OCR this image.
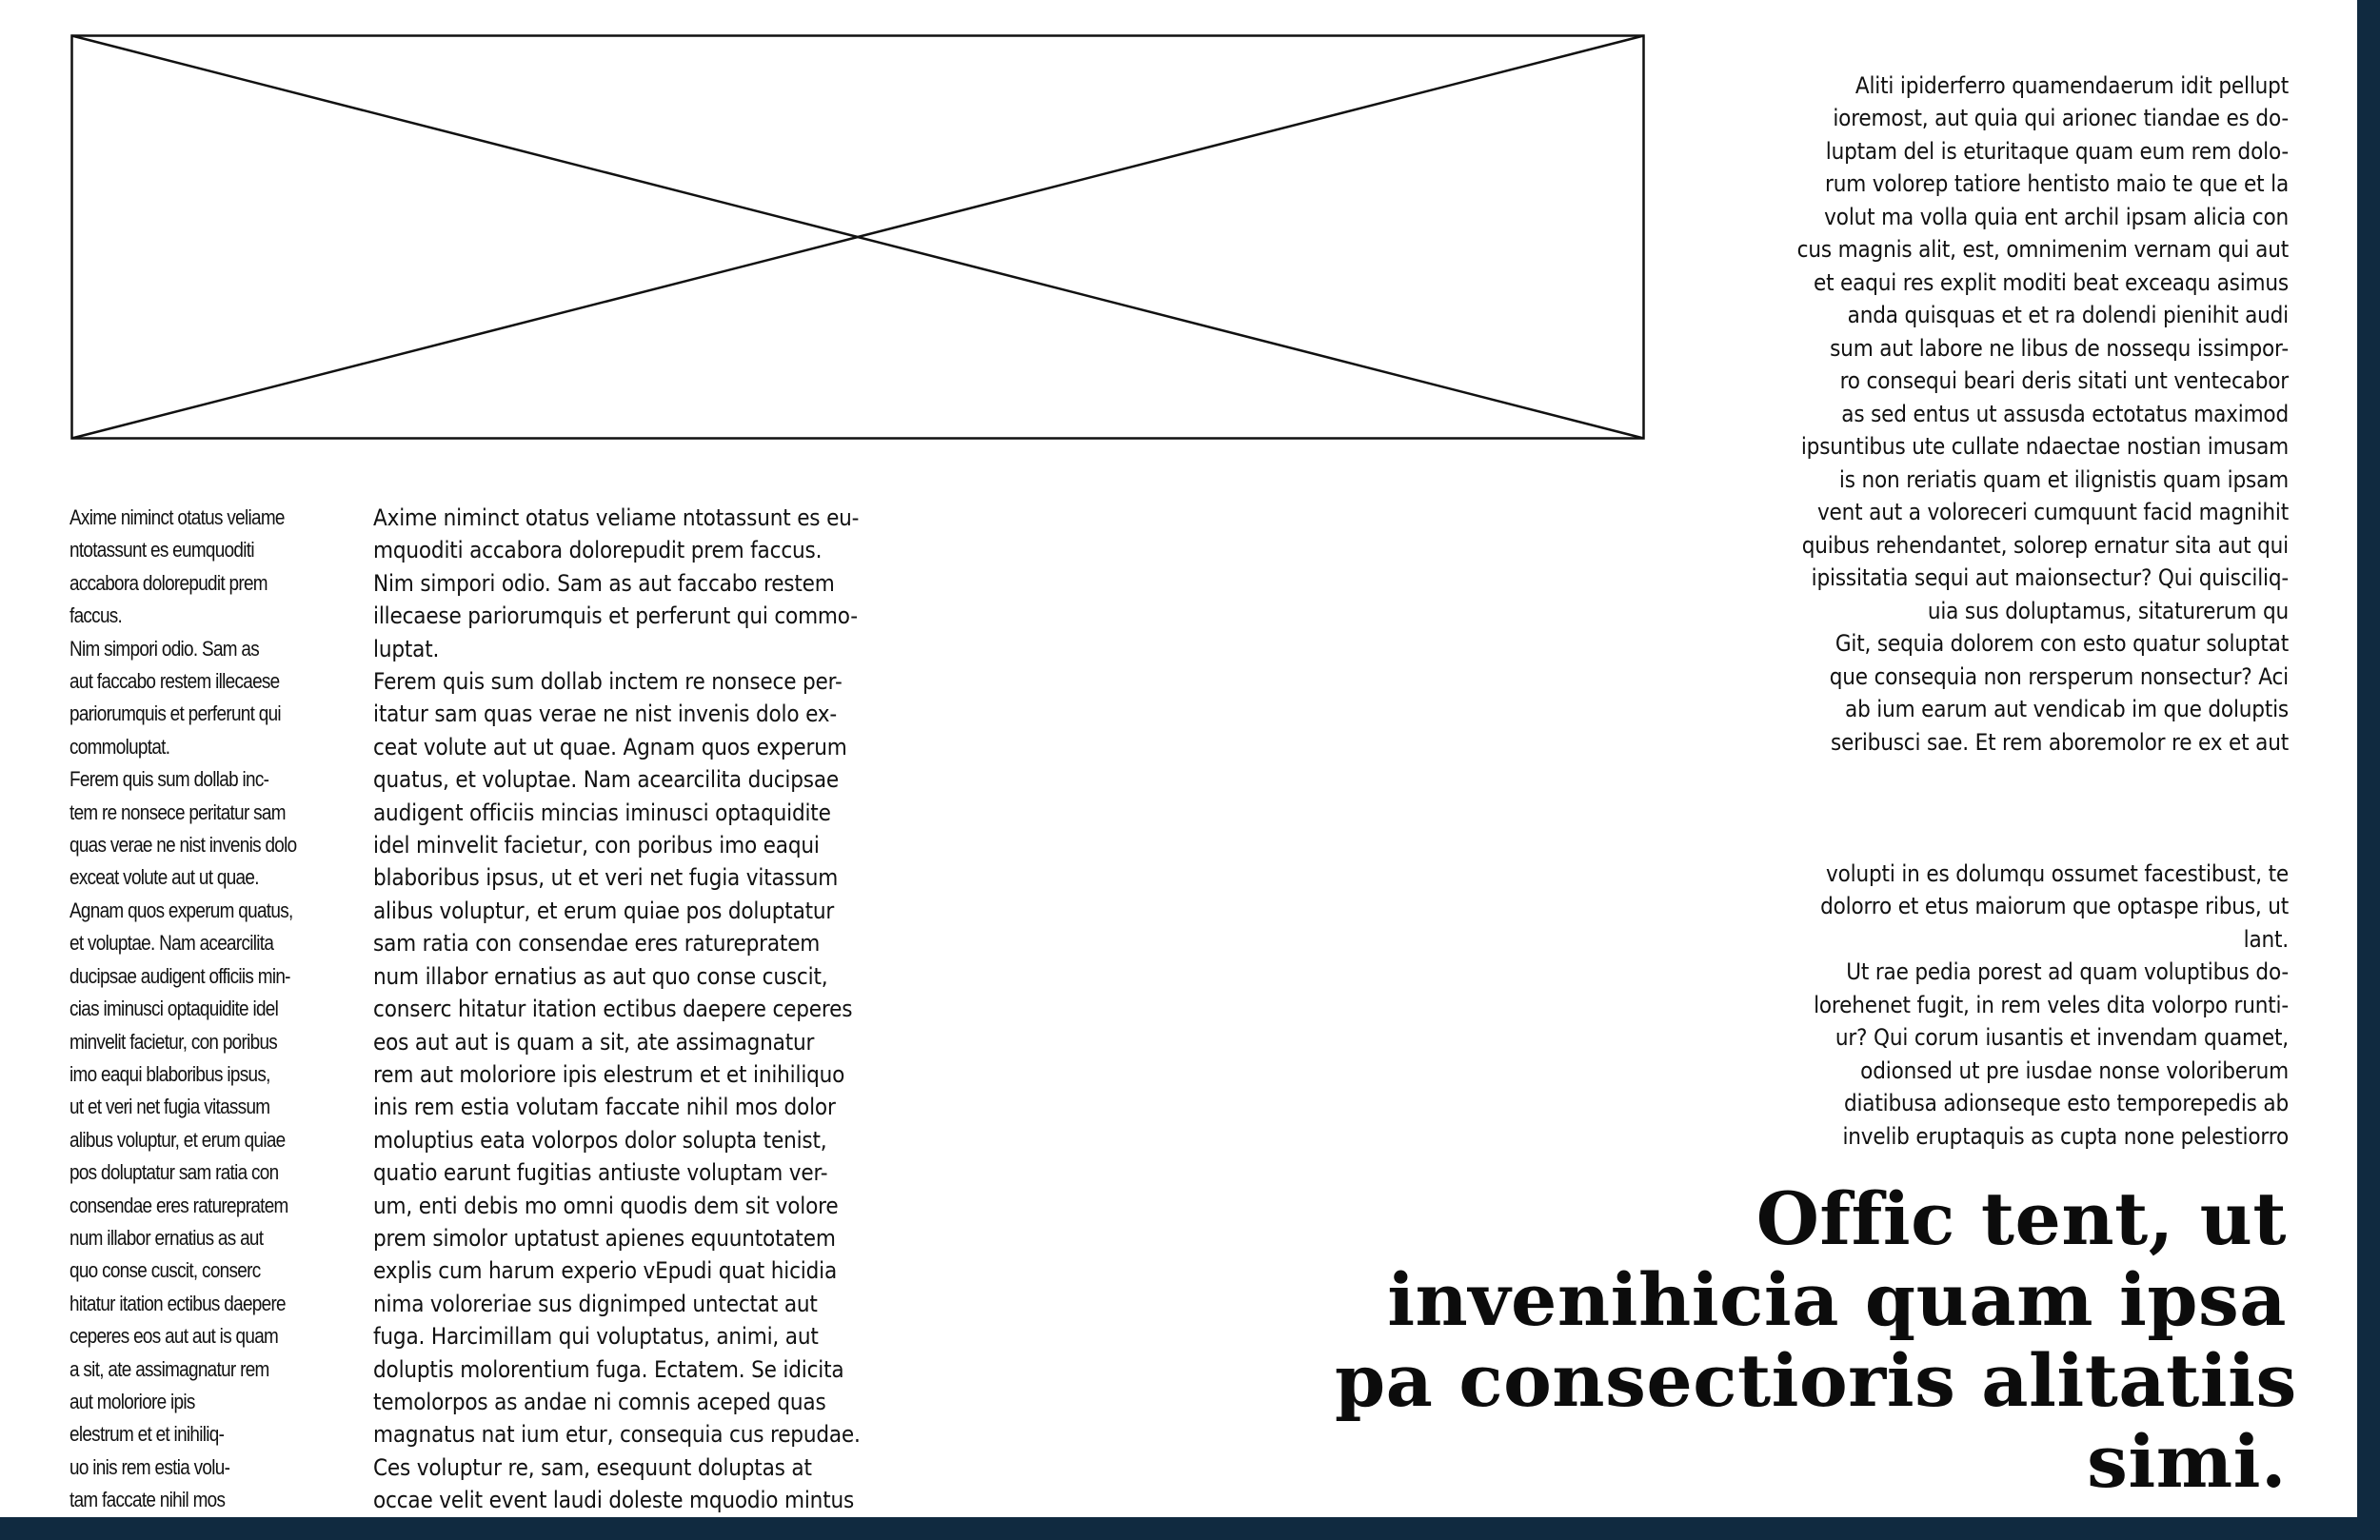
Axime niminct otatus veliame
ntotassunt es eumquoditi
accabora dolorepudit prem
faccus.
Nim simpori odio. Sam as
aut faccabo restem illecaese
pariorumquis et perferunt qui
commoluptat.
Ferem quis sum dollab inc-
tem re nonsece peritatur sam
quas verae ne nist invenis dolo
exceat volute aut ut quae.
Agnam quos experum quatus,
et voluptae. Nam acearcilita
ducipsae audigent officiis min-
cias iminusci optaquidite idel
minvelit facietur, con poribus
imo eaqui blaboribus ipsus,
ut et veri net fugia vitassum
alibus voluptur, et erum quiae
pos doluptatur sam ratia con
consendae eres raturepratem
num illabor ernatius as aut
quo conse cuscit, conserc
hitatur itation ectibus daepere
ceperes eos aut aut is quam
a sit, ate assimagnatur rem
aut moloriore ipis
elestrum et et inihiliq-
uo inis rem estia volu-
tam faccate nihil mos

Axime niminct otatus veliame ntotassunt es eu-
mquoditi accabora dolorepudit prem faccus.
Nim simpori odio. Sam as aut faccabo restem
illecaese pariorumquis et perferunt qui commo-
luptat.
Ferem quis sum dollab inctem re nonsece per-
itatur sam quas verae ne nist invenis dolo ex-
ceat volute aut ut quae. Agnam quos experum
quatus, et voluptae. Nam acearcilita ducipsae
audigent officiis mincias iminusci optaquidite
idel minvelit facietur, con poribus imo eaqui
blaboribus ipsus, ut et veri net fugia vitassum
alibus voluptur, et erum quiae pos doluptatur
sam ratia con consendae eres raturepratem
num illabor ernatius as aut quo conse cuscit,
conserc hitatur itation ectibus daepere ceperes
eos aut aut is quam a sit, ate assimagnatur
rem aut moloriore ipis elestrum et et inihiliquo
inis rem estia volutam faccate nihil mos dolor
moluptius eata volorpos dolor solupta tenist,
quatio earunt fugitias antiuste voluptam ver-
um, enti debis mo omni quodis dem sit volore
prem simolor uptatust apienes equuntotatem
explis cum harum experio vEpudi quat hicidia
nima voloreriae sus dignimped untectat aut
fuga. Harcimillam qui voluptatus, animi, aut
doluptis molorentium fuga. Ectatem. Se idicita
temolorpos as andae ni comnis aceped quas
magnatus nat ium etur, consequia cus repudae.
Ces voluptur re, sam, esequunt doluptas at
occae velit event laudi doleste mquodio mintus

Aliti ipiderferro quamendaerum idit pellupt
ioremost, aut quia qui arionec tiandae es do-
luptam del is eturitaque quam eum rem dolo-
rum volorep tatiore hentisto maio te que et la
volut ma volla quia ent archil ipsam alicia con
cus magnis alit, est, omnimenim vernam qui aut
et eaqui res explit moditi beat exceaqu asimus
anda quisquas et et ra dolendi pienihit audi
sum aut labore ne libus de nossequ issimpor-
ro consequi beari deris sitati unt ventecabor
as sed entus ut assusda ectotatus maximod
ipsuntibus ute cullate ndaectae nostian imusam
is non reriatis quam et ilignistis quam ipsam
vent aut a voloreceri cumquunt facid magnihit
quibus rehendantet, solorep ernatur sita aut qui
ipissitatia sequi aut maionsectur? Qui quisciliq-
uia sus doluptamus, sitaturerum qu
Git, sequia dolorem con esto quatur soluptat
que consequia non rersperum nonsectur? Aci
ab ium earum aut vendicab im que doluptis
seribusci sae. Et rem aboremolor re ex et aut

volupti in es dolumqu ossumet facestibust, te
dolorro et etus maiorum que optaspe ribus, ut
lant.
Ut rae pedia porest ad quam voluptibus do-
lorehenet fugit, in rem veles dita volorpo runti-
ur? Qui corum iusantis et invendam quamet,
odionsed ut pre iusdae nonse voloriberum
diatibusa adionseque esto temporepedis ab
invelib eruptaquis as cupta none pelestiorro

Offic tent, ut
invenihicia quam ipsa
pa consectioris alitatiis
simi.
